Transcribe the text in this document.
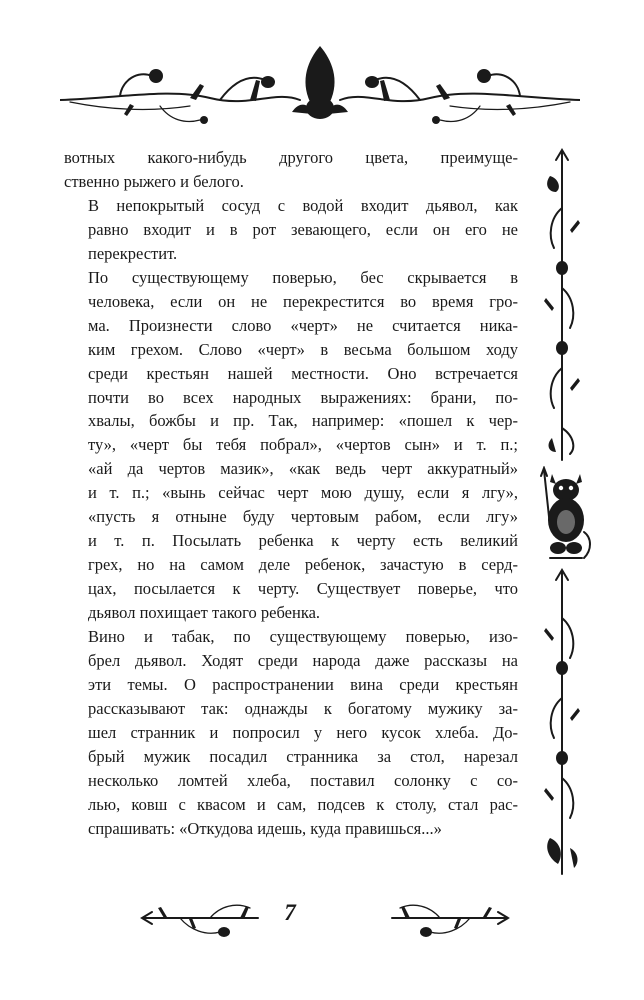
вотных какого-нибудь другого цвета, преимуще-
ственно рыжего и белого.

В непокрытый сосуд с водой входит дьявол, как
равно входит и в рот зевающего, если он его не
перекрестит.

По существующему поверью, бес скрывается в
человека, если он не перекрестится во время гро-
ма. Произнести слово «черт» не считается ника-
ким грехом. Слово «черт» в весьма большом ходу
среди крестьян нашей местности. Оно встречается
почти во всех народных выражениях: брани, по-
хвалы, божбы и пр. Так, например: «пошел к чер-
ту», «черт бы тебя побрал», «чертов сын» и т. п.;
«ай да чертов мазик», «как ведь черт аккуратный»
и т. п.; «вынь сейчас черт мою душу, если я лгу»,
«пусть я отныне буду чертовым рабом, если лгу»
и т. п. Посылать ребенка к черту есть великий
грех, но на самом деле ребенок, зачастую в серд-
цах, посылается к черту. Существует поверье, что
дьявол похищает такого ребенка.

Вино и табак, по существующему поверью, изо-
брел дьявол. Ходят среди народа даже рассказы на
эти темы. О распространении вина среди крестьян
рассказывают так: однажды к богатому мужику за-
шел странник и попросил у него кусок хлеба. До-
брый мужик посадил странника за стол, нарезал
несколько ломтей хлеба, поставил солонку с со-
лью, ковш с квасом и сам, подсев к столу, стал рас-
спрашивать: «Откудова идешь, куда правишься...»

7
